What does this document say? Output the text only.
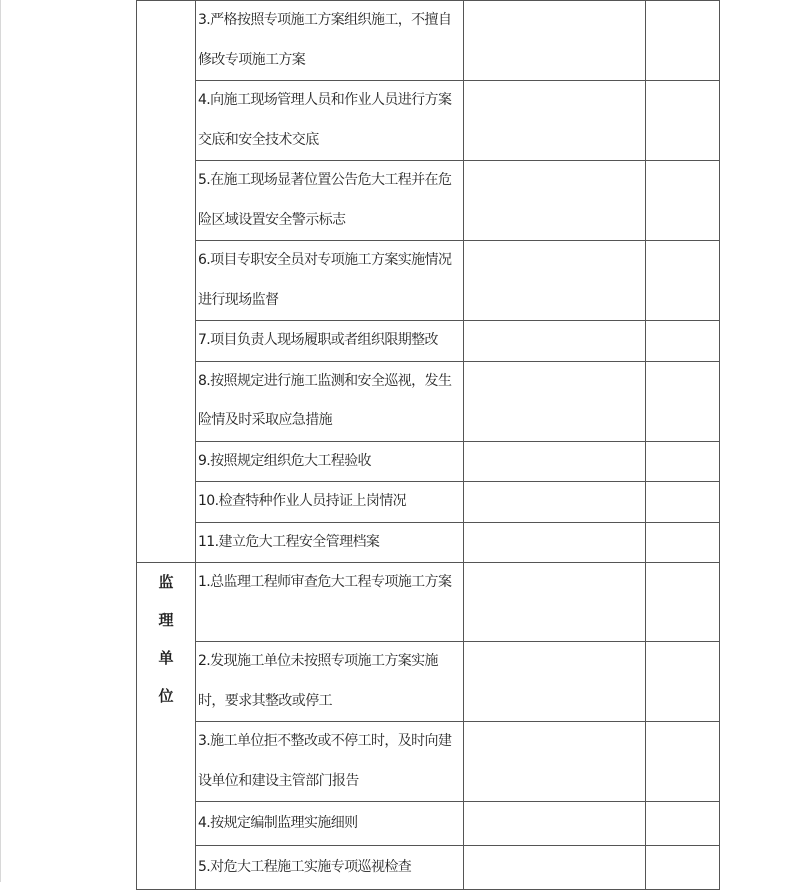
	3.严格按照专项施工方案组织施工，不擅自修改专项施工方案		

	4.向施工现场管理人员和作业人员进行方案交底和安全技术交底		

	5.在施工现场显著位置公告危大工程并在危险区域设置安全警示标志		

	6.项目专职安全员对专项施工方案实施情况进行现场监督		

	7.项目负责人现场履职或者组织限期整改		

	8.按照规定进行施工监测和安全巡视，发生险情及时采取应急措施		

	9.按照规定组织危大工程验收		

	10.检查特种作业人员持证上岗情况		

	11.建立危大工程安全管理档案		

监理单位	1.总监理工程师审查危大工程专项施工方案		

	2.发现施工单位未按照专项施工方案实施时，要求其整改或停工		

	3.施工单位拒不整改或不停工时，及时向建设单位和建设主管部门报告		

	4.按规定编制监理实施细则		

	5.对危大工程施工实施专项巡视检查		
